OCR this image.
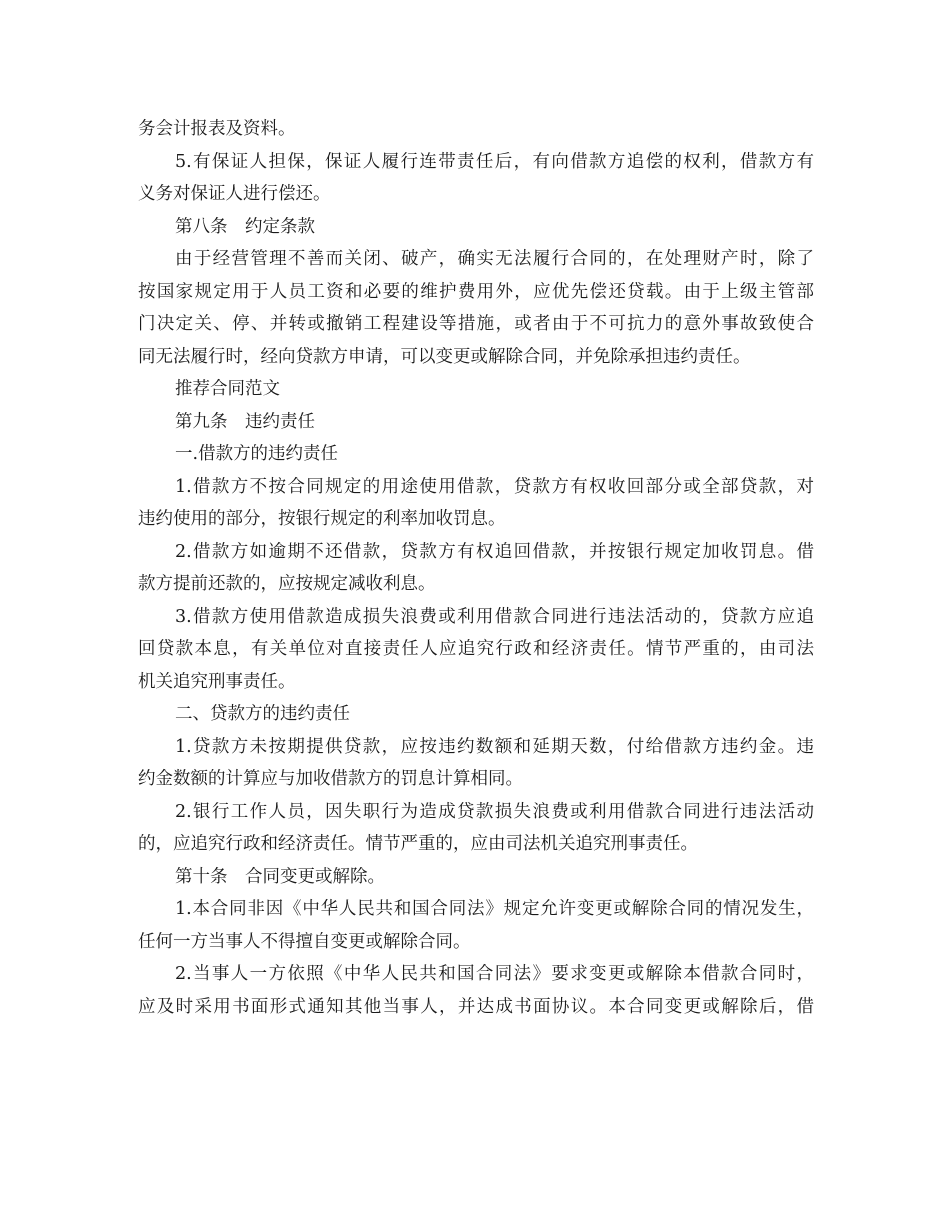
务会计报表及资料。
5.有保证人担保，保证人履行连带责任后，有向借款方追偿的权利，借款方有
义务对保证人进行偿还。
第八条　约定条款
由于经营管理不善而关闭、破产，确实无法履行合同的，在处理财产时，除了
按国家规定用于人员工资和必要的维护费用外，应优先偿还贷载。由于上级主管部
门决定关、停、并转或撤销工程建设等措施，或者由于不可抗力的意外事故致使合
同无法履行时，经向贷款方申请，可以变更或解除合同，并免除承担违约责任。
推荐合同范文
第九条　违约责任
一.借款方的违约责任
1.借款方不按合同规定的用途使用借款，贷款方有权收回部分或全部贷款，对
违约使用的部分，按银行规定的利率加收罚息。
2.借款方如逾期不还借款，贷款方有权追回借款，并按银行规定加收罚息。借
款方提前还款的，应按规定减收利息。
3.借款方使用借款造成损失浪费或利用借款合同进行违法活动的，贷款方应追
回贷款本息，有关单位对直接责任人应追究行政和经济责任。情节严重的，由司法
机关追究刑事责任。
二、贷款方的违约责任
1.贷款方未按期提供贷款，应按违约数额和延期天数，付给借款方违约金。违
约金数额的计算应与加收借款方的罚息计算相同。
2.银行工作人员，因失职行为造成贷款损失浪费或利用借款合同进行违法活动
的，应追究行政和经济责任。情节严重的，应由司法机关追究刑事责任。
第十条　合同变更或解除。
1.本合同非因《中华人民共和国合同法》规定允许变更或解除合同的情况发生，
任何一方当事人不得擅自变更或解除合同。
2.当事人一方依照《中华人民共和国合同法》要求变更或解除本借款合同时，
应及时采用书面形式通知其他当事人，并达成书面协议。本合同变更或解除后，借
